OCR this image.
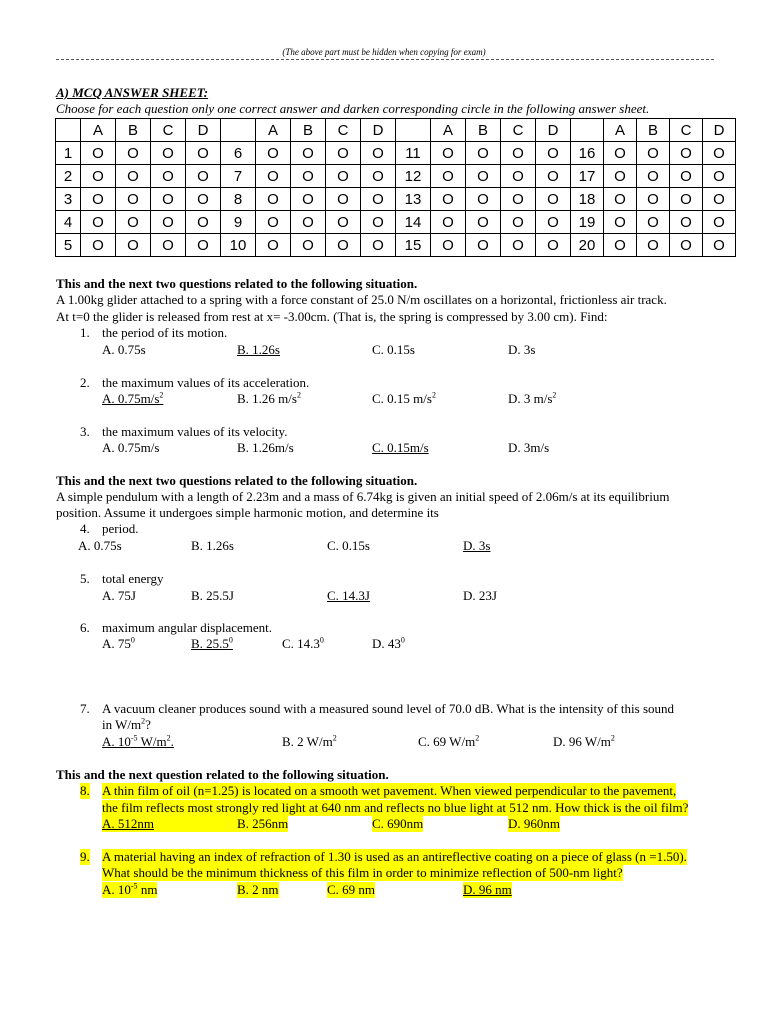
(The above part must be hidden when copying for exam)
A) MCQ ANSWER SHEET:
Choose for each question only one correct answer and darken corresponding circle in the following answer sheet.
	A	B	C	D		A	B	C	D		A	B	C	D		A	B	C	D
1	O	O	O	O	6	O	O	O	O	11	O	O	O	O	16	O	O	O	O
2	O	O	O	O	7	O	O	O	O	12	O	O	O	O	17	O	O	O	O
3	O	O	O	O	8	O	O	O	O	13	O	O	O	O	18	O	O	O	O
4	O	O	O	O	9	O	O	O	O	14	O	O	O	O	19	O	O	O	O
5	O	O	O	O	10	O	O	O	O	15	O	O	O	O	20	O	O	O	O
This and the next two questions related to the following situation.
A 1.00kg glider attached to a spring with a force constant of 25.0 N/m oscillates on a horizontal, frictionless air track.
At t=0 the glider is released from rest at x= -3.00cm. (That is, the spring is compressed by 3.00 cm). Find:
1. the period of its motion.
A. 0.75s	B. 1.26s	C. 0.15s	D. 3s
2. the maximum values of its acceleration.
A. $0.75m/s^2$	B. 1.26 $m/s^2$	C. 0.15 $m/s^2$	D. 3 $m/s^2$
3. the maximum values of its velocity.
A. 0.75m/s	B. 1.26m/s	C. 0.15m/s	D. 3m/s
This and the next two questions related to the following situation.
A simple pendulum with a length of 2.23m and a mass of 6.74kg is given an initial speed of 2.06m/s at its equilibrium
position. Assume it undergoes simple harmonic motion, and determine its
4. period.
A. 0.75s	B. 1.26s	C. 0.15s	D. 3s
5. total energy
A. 75J	B. 25.5J	C. 14.3J	D. 23J
6. maximum angular displacement.
A. $75^0$	B. 25.5$^0$	C. 14.3$^0$	D. $43^0$
7. A vacuum cleaner produces sound with a measured sound level of 70.0 dB. What is the intensity of this sound
in $W/m^2$?
A. $10^{-5}$ $W/m^2$.	B. 2 $W/m^2$	C. 69 $W/m^2$	D. 96 $W/m^2$
This and the next question related to the following situation.
8. A thin film of oil (n=1.25) is located on a smooth wet pavement. When viewed perpendicular to the pavement,
the film reflects most strongly red light at 640 nm and reflects no blue light at 512 nm. How thick is the oil film?
A. 512nm	B. 256nm	C. 690nm	D. 960nm
9. A material having an index of refraction of 1.30 is used as an antireflective coating on a piece of glass (n =1.50).
What should be the minimum thickness of this film in order to minimize reflection of 500-nm light?
A. $10^{-5}$ nm	B. 2 nm	C. 69 nm	D. 96 nm
